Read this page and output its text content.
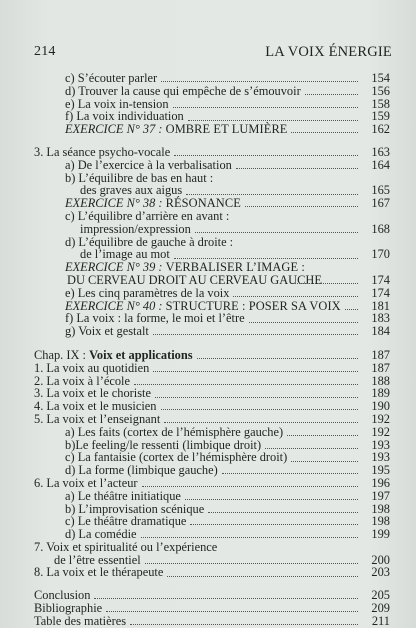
214	LA VOIX ÉNERGIE
c) S’écouter parler	154
d) Trouver la cause qui empêche de s’émouvoir	156
e) La voix in-tension	158
f) La voix individuation	159
EXERCICE N° 37 : OMBRE ET LUMIÈRE	162
3. La séance psycho-vocale	163
a) De l’exercice à la verbalisation	164
b) L’équilibre de bas en haut :
des graves aux aigus	165
EXERCICE N° 38 : RÉSONANCE	167
c) L’équilibre d’arrière en avant :
impression/expression	168
d) L’équilibre de gauche à droite :
de l’image au mot	170
EXERCICE N° 39 : VERBALISER L’IMAGE :
DU CERVEAU DROIT AU CERVEAU GAUCHE	174
e) Les cinq paramètres de la voix	174
EXERCICE N° 40 : STRUCTURE : POSER SA VOIX	181
f) La voix : la forme, le moi et l’être	183
g) Voix et gestalt	184
Chap. IX : Voix et applications	187
1. La voix au quotidien	187
2. La voix à l’école	188
3. La voix et le choriste	189
4. La voix et le musicien	190
5. La voix et l’enseignant	192
a) Les faits (cortex de l’hémisphère gauche)	192
b)Le feeling/le ressenti (limbique droit)	193
c) La fantaisie (cortex de l’hémisphère droit)	193
d) La forme (limbique gauche)	195
6. La voix et l’acteur	196
a) Le théâtre initiatique	197
b) L’improvisation scénique	198
c) Le théâtre dramatique	198
d) La comédie	199
7. Voix et spiritualité ou l’expérience
de l’être essentiel	200
8. La voix et le thérapeute	203
Conclusion	205
Bibliographie	209
Table des matières	211
